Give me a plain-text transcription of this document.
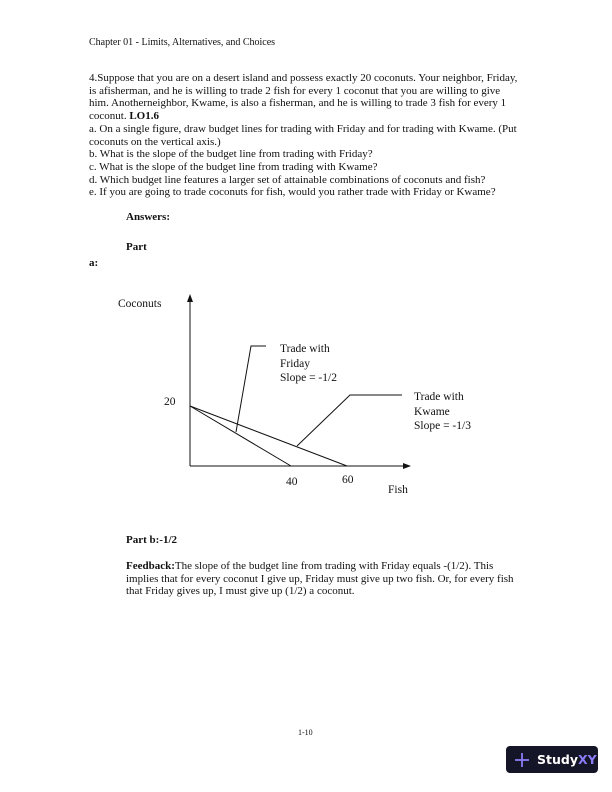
Chapter 01 - Limits, Alternatives, and Choices
4.Suppose that you are on a desert island and possess exactly 20 coconuts. Your neighbor, Friday,
is afisherman, and he is willing to trade 2 fish for every 1 coconut that you are willing to give
him. Anotherneighbor, Kwame, is also a fisherman, and he is willing to trade 3 fish for every 1
coconut. LO1.6
a. On a single figure, draw budget lines for trading with Friday and for trading with Kwame. (Put
coconuts on the vertical axis.)
b. What is the slope of the budget line from trading with Friday?
c. What is the slope of the budget line from trading with Kwame?
d. Which budget line features a larger set of attainable combinations of coconuts and fish?
e. If you are going to trade coconuts for fish, would you rather trade with Friday or Kwame?
Answers:
Part
a:
Coconuts
20
40	60
Fish
Trade with
Friday
Slope = -1/2
Trade with
Kwame
Slope = -1/3
Part b:-1/2
Feedback:The slope of the budget line from trading with Friday equals -(1/2). This
implies that for every coconut I give up, Friday must give up two fish. Or, for every fish
that Friday gives up, I must give up (1/2) a coconut.
1-10
Study XY
